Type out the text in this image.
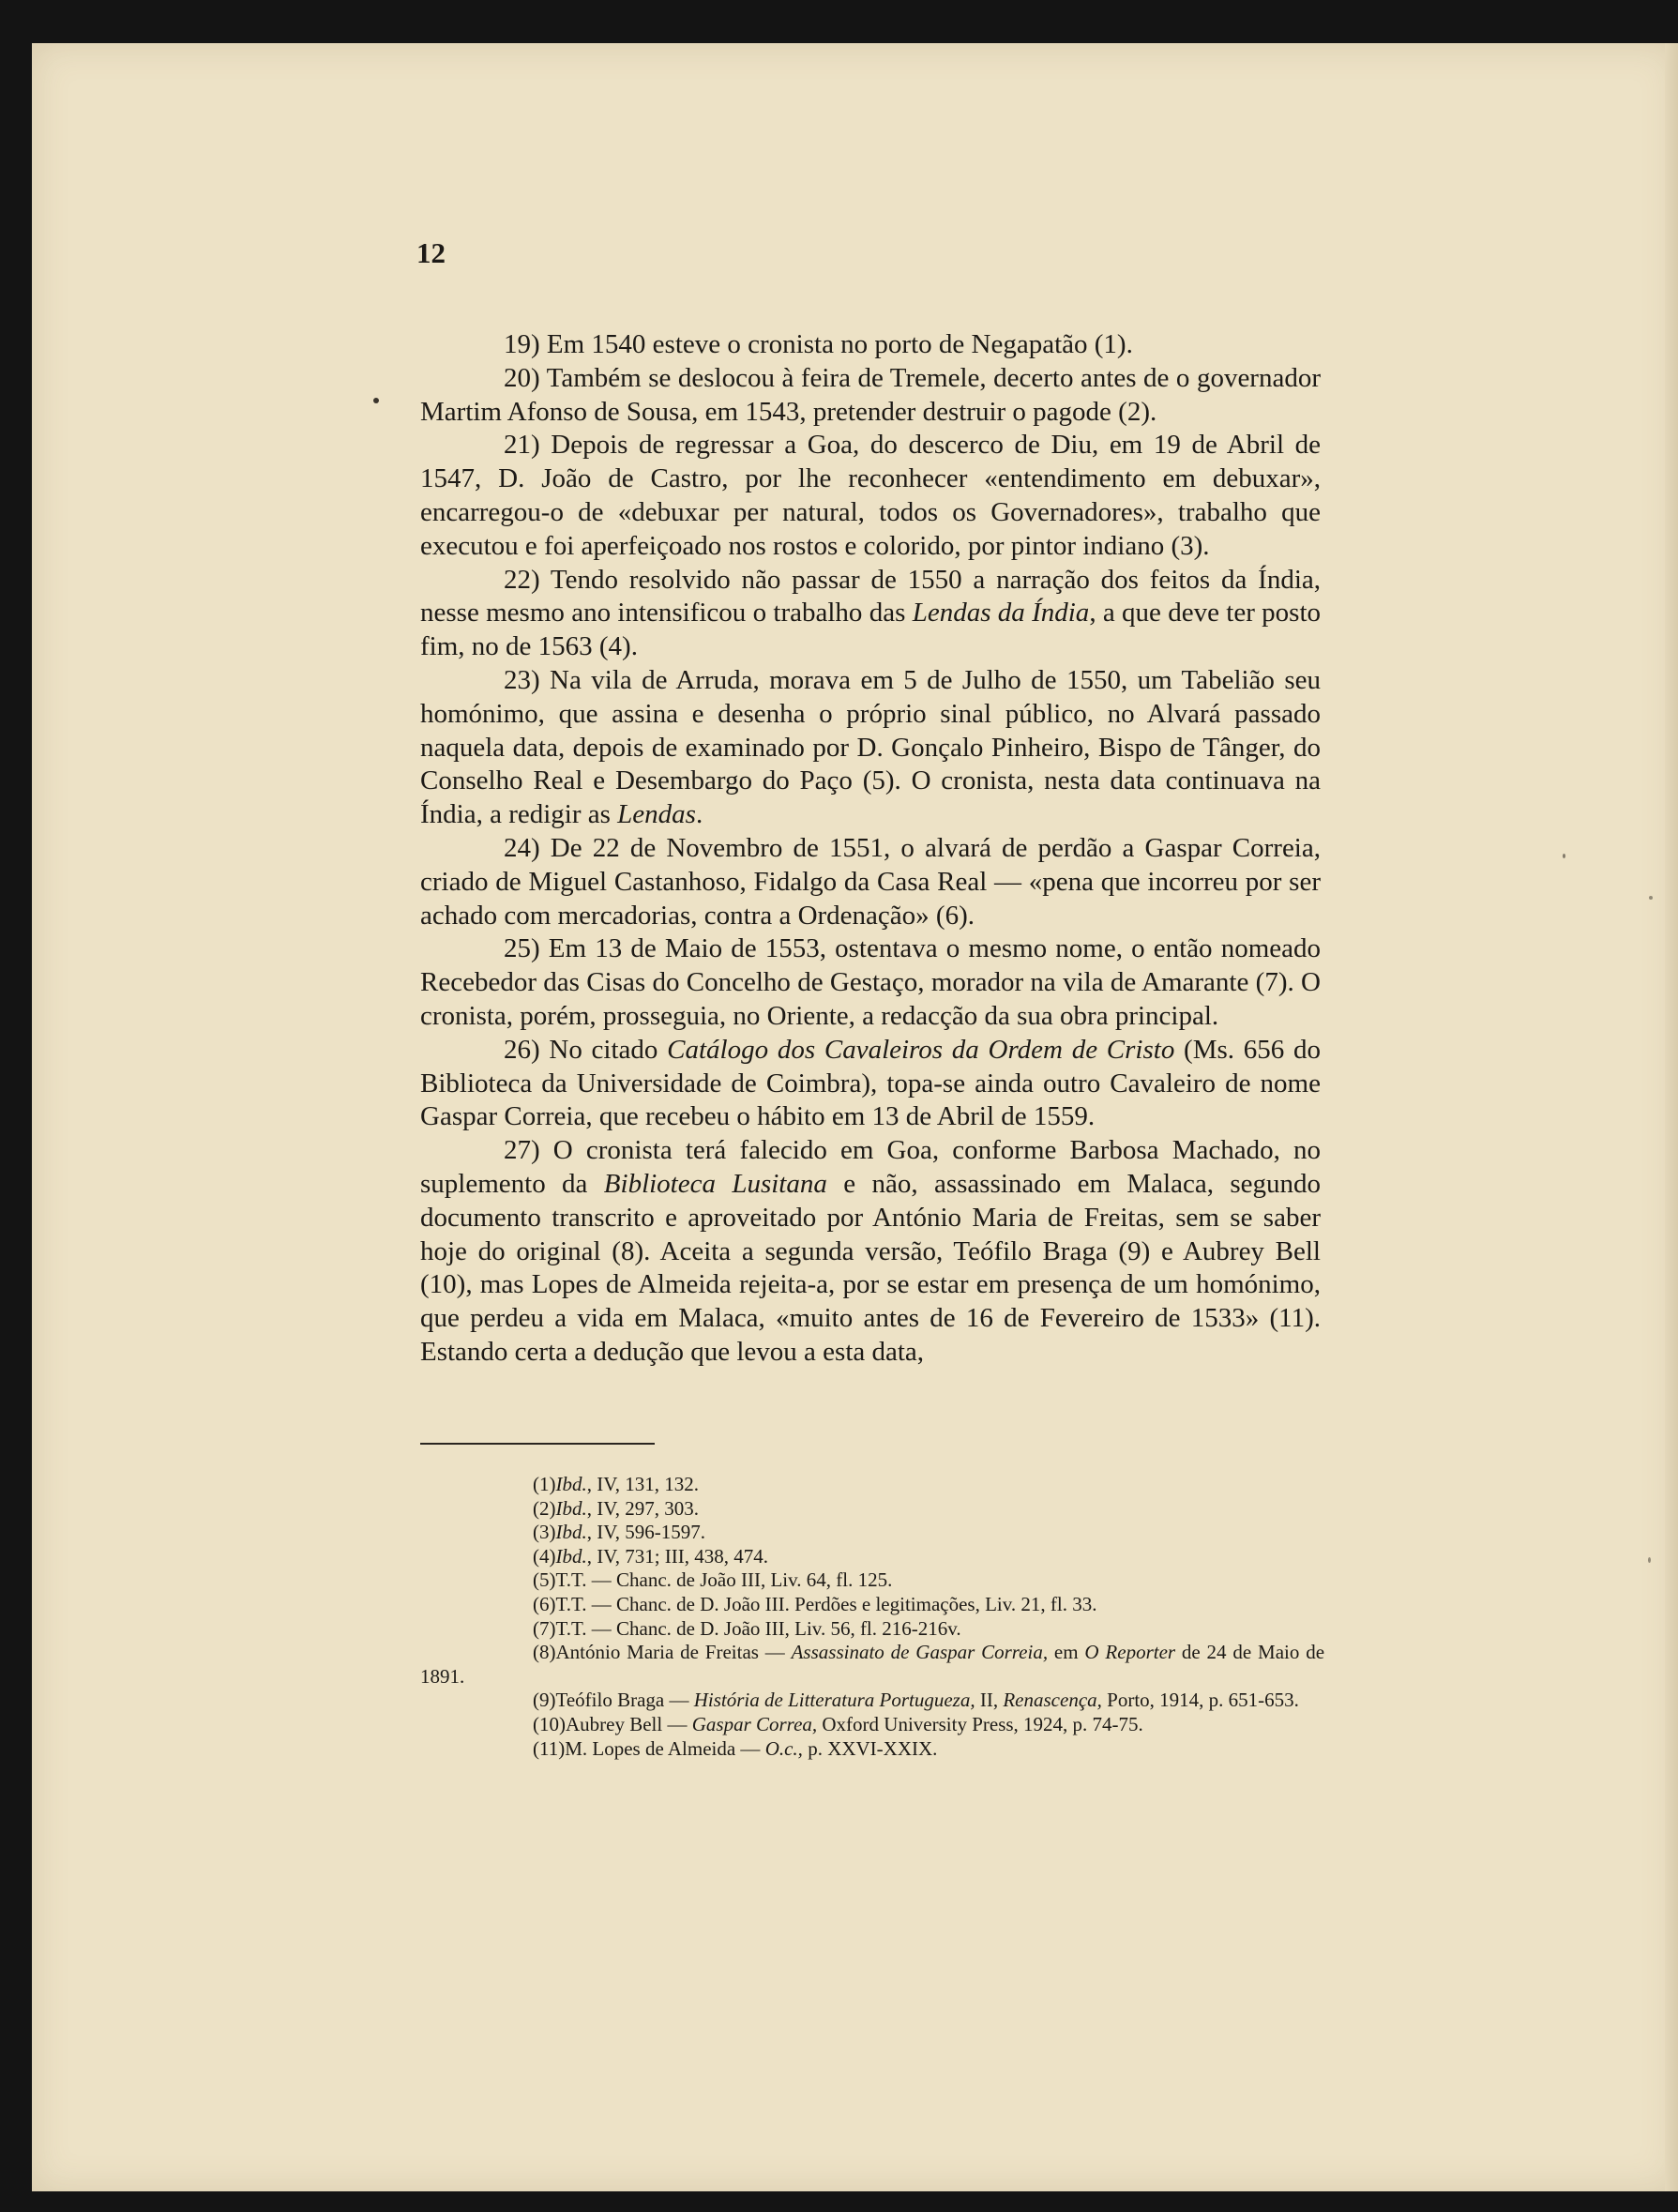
12

19) Em 1540 esteve o cronista no porto de Negapatão (1).

20) Também se deslocou à feira de Tremele, decerto antes de o governador Martim Afonso de Sousa, em 1543, pretender destruir o pagode (2).

21) Depois de regressar a Goa, do descerco de Diu, em 19 de Abril de 1547, D. João de Castro, por lhe reconhecer «entendimento em debuxar», encarregou-o de «debuxar per natural, todos os Governadores», trabalho que executou e foi aperfeiçoado nos rostos e colorido, por pintor indiano (3).

22) Tendo resolvido não passar de 1550 a narração dos feitos da Índia, nesse mesmo ano intensificou o trabalho das Lendas da Índia, a que deve ter posto fim, no de 1563 (4).

23) Na vila de Arruda, morava em 5 de Julho de 1550, um Tabelião seu homónimo, que assina e desenha o próprio sinal público, no Alvará passado naquela data, depois de examinado por D. Gonçalo Pinheiro, Bispo de Tânger, do Conselho Real e Desembargo do Paço (5). O cronista, nesta data continuava na Índia, a redigir as Lendas.

24) De 22 de Novembro de 1551, o alvará de perdão a Gaspar Correia, criado de Miguel Castanhoso, Fidalgo da Casa Real — «pena que incorreu por ser achado com mercadorias, contra a Ordenação» (6).

25) Em 13 de Maio de 1553, ostentava o mesmo nome, o então nomeado Recebedor das Cisas do Concelho de Gestaço, morador na vila de Amarante (7). O cronista, porém, prosseguia, no Oriente, a redacção da sua obra principal.

26) No citado Catálogo dos Cavaleiros da Ordem de Cristo (Ms. 656 do Biblioteca da Universidade de Coimbra), topa-se ainda outro Cavaleiro de nome Gaspar Correia, que recebeu o hábito em 13 de Abril de 1559.

27) O cronista terá falecido em Goa, conforme Barbosa Machado, no suplemento da Biblioteca Lusitana e não, assassinado em Malaca, segundo documento transcrito e aproveitado por António Maria de Freitas, sem se saber hoje do original (8). Aceita a segunda versão, Teófilo Braga (9) e Aubrey Bell (10), mas Lopes de Almeida rejeita-a, por se estar em presença de um homónimo, que perdeu a vida em Malaca, «muito antes de 16 de Fevereiro de 1533» (11). Estando certa a dedução que levou a esta data,

(1)Ibd., IV, 131, 132.

(2)Ibd., IV, 297, 303.

(3)Ibd., IV, 596-1597.

(4)Ibd., IV, 731; III, 438, 474.

(5)T.T. — Chanc. de João III, Liv. 64, fl. 125.

(6)T.T. — Chanc. de D. João III. Perdões e legitimações, Liv. 21, fl. 33.

(7)T.T. — Chanc. de D. João III, Liv. 56, fl. 216-216v.

(8)António Maria de Freitas — Assassinato de Gaspar Correia, em O Reporter de 24 de Maio de 1891.

(9)Teófilo Braga — História de Litteratura Portugueza, II, Renascença, Porto, 1914, p. 651-653.

(10)Aubrey Bell — Gaspar Correa, Oxford University Press, 1924, p. 74-75.

(11)M. Lopes de Almeida — O.c., p. XXVI-XXIX.
